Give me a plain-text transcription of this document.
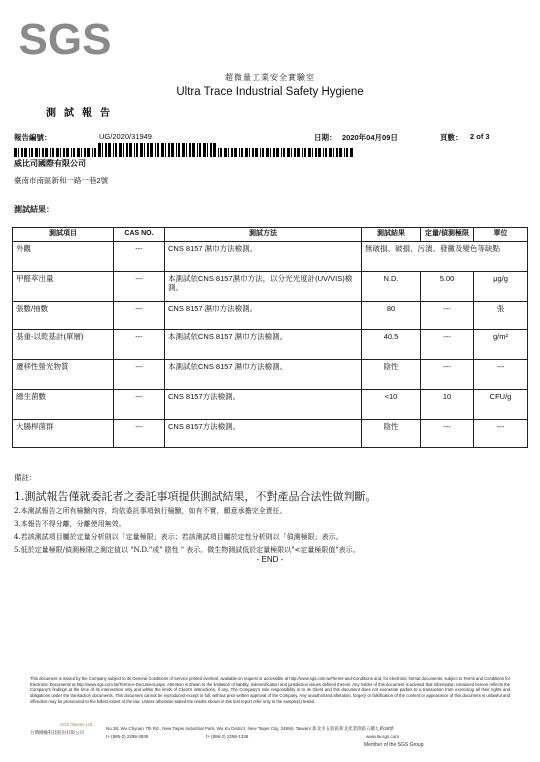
SGS
超微量工業安全實驗室
Ultra Trace Industrial Safety Hygiene
測試報告
報告編號：	UG/2020/31949	日期： 2020年04月09日	頁數： 2 of 3
威比司國際有限公司
臺南市南區新和一路一巷2號
測試結果：
測試項目	CAS NO.	測試方法	測試結果	定量/偵測極限	單位
外觀	---	CNS 8157 濕巾方法檢測。	無破損、破損、污漬、發黴及變色等缺點		
甲醛萃出量	---	本測試依CNS 8157濕巾方法，以分光光度計(UV/VIS)檢測。	N.D.	5.00	μg/g
張數/抽數	---	CNS 8157 濕巾方法檢測。	80	---	張
基重-以乾基計(單層)	---	本測試依CNS 8157 濕巾方法檢測。	40.5	---	g/m²
遷移性螢光物質	---	本測試依CNS 8157 濕巾方法檢測。	陰性	---	---
總生菌數	---	CNS 8157方法檢測。	<10	10	CFU/g
大腸桿菌群	---	CNS 8157方法檢測。	陰性	---	---
備註：
1.測試報告僅就委託者之委託事項提供測試結果，不對產品合法性做判斷。
2.本測試報告之所有檢驗內容，均依委託事項執行檢驗，如有不實，願意承擔完全責任。
3.本報告不得分離，分離使用無效。
4.若該測試項目屬於定量分析則以「定量極限」表示；若該測試項目屬於定性分析則以「偵測極限」表示。
5.低於定量極限/偵測極限之測定值以 "N.D."或" 陰性 " 表示。微生物測試低於定量極限以"<定量極限值"表示。
- END -
This document is issued by the Company subject to its General Conditions of Service printed overleaf, available on request or accessible at http://www.sgs.com.tw/Terms-and-Conditions and, for electronic format documents, subject to Terms and Conditions for Electronic Documents at http://www.sgs.com.tw/Terms-e-Document.aspx. Attention is drawn to the limitation of liability, indemnification and jurisdiction issues defined therein. Any holder of this document is advised that information contained hereon reflects the Company's findings at the time of its intervention only and within the limits of Client's instructions, if any. The Company's sole responsibility is to its Client and this document does not exonerate parties to a transaction from exercising all their rights and obligations under the transaction documents. This document cannot be reproduced except in full, without prior written approval of the Company. Any unauthorized alteration, forgery or falsification of the content or appearance of this document is unlawful and offenders may be prosecuted to the fullest extent of the law. Unless otherwise stated the results shown in this test report refer only to the sample(s) tested.
SGS Taiwan Ltd.
台灣檢驗科技股份有限公司
No.38, Wu Chyuan 7th Rd., New Taipei Industrial Park, Wu Ku District, New Taipei City, 24890, Taiwan/ 新北市五股區新北產業園區五權七路38號
t+ (886-2) 2299-3939	f+ (886-2) 2298-1338	www.tw.sgs.com
Member of the SGS Group
